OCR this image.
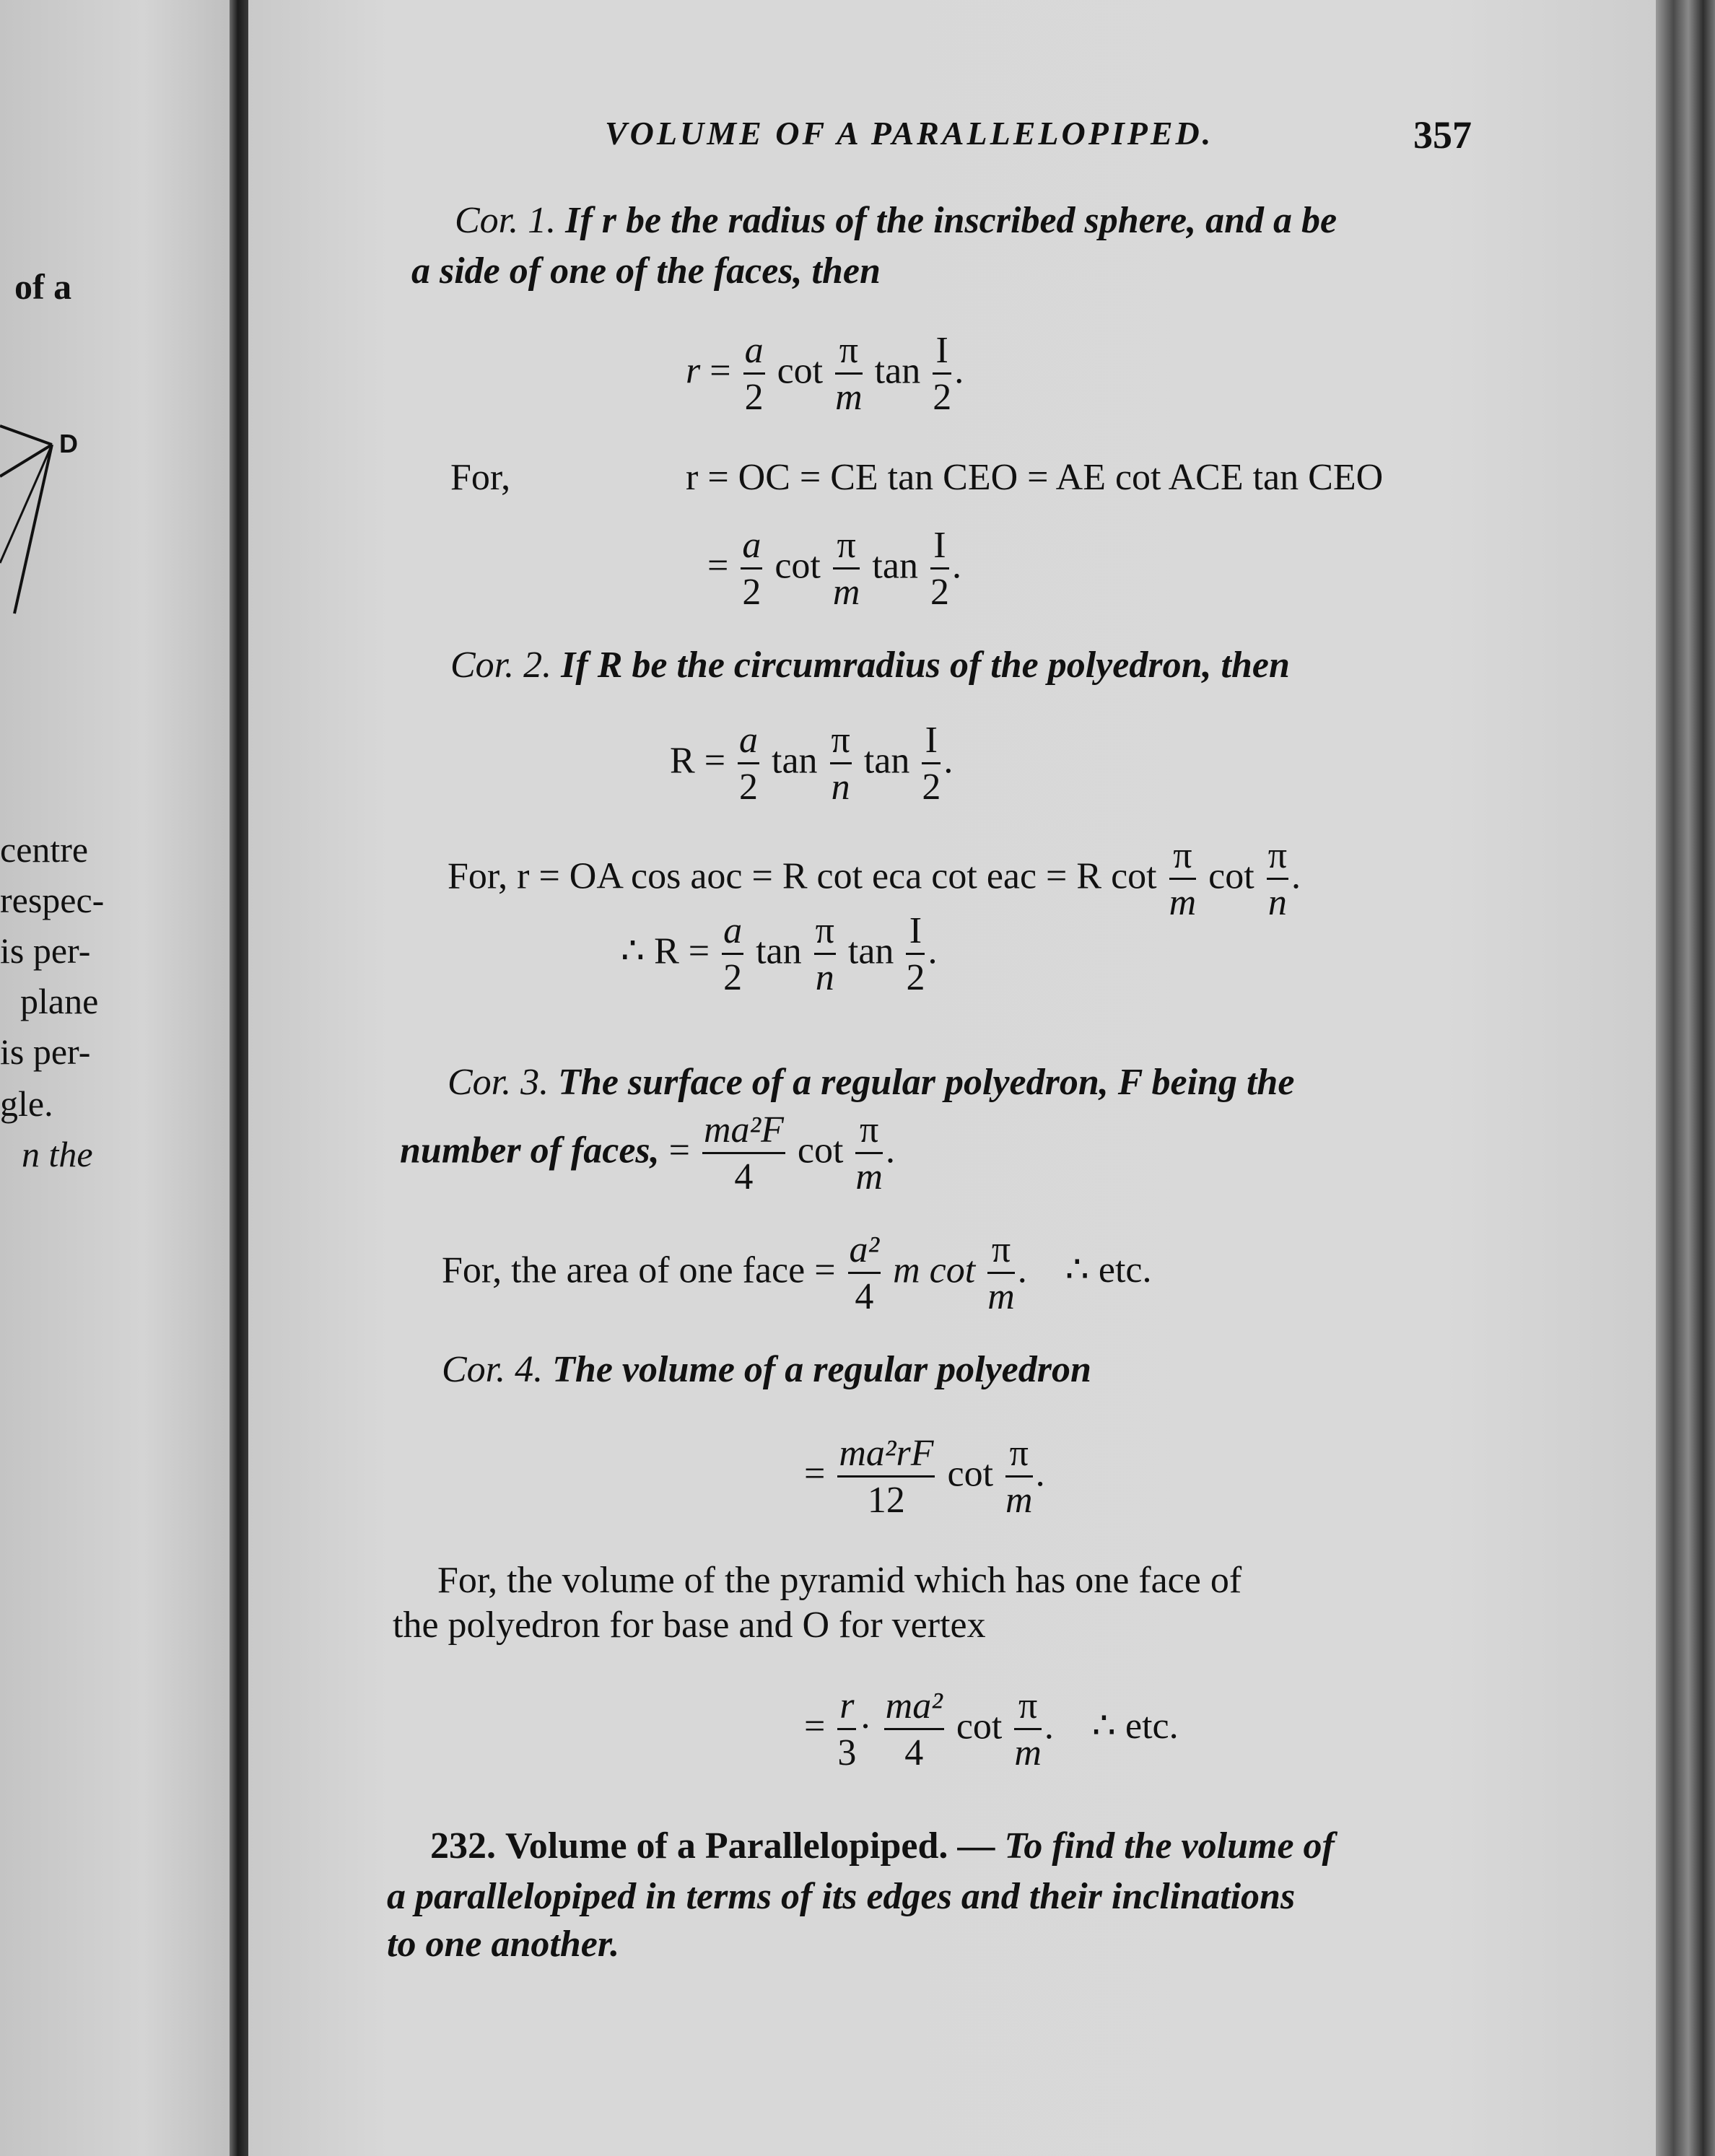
of a
D
centre
respec-
is per-
plane
is per-
gle.
n the
VOLUME OF A PARALLELOPIPED.	357
Cor. 1. If r be the radius of the inscribed sphere, and a be
a side of one of the faces, then
$r = \frac{a}{2}$ $\cot \frac{\pi}{m}$ $\tan \frac{I}{2}$ .
For,	r = OC = CE tan CEO = AE cot ACE tan CEO
= $\frac{a}{2}$ $\cot \frac{\pi}{m}$ $\tan \frac{I}{2}$ .
Cor. 2. If R be the circumradius of the polyedron, then
$R = \frac{a}{2}$ $\tan \frac{\pi}{n}$ $\tan \frac{I}{2}$ .
For, r = OA cos aoc = R cot eca cot eac = R $\cot \frac{\pi}{m}$ $\cot \frac{\pi}{n}$ .
∴ $R = \frac{a}{2}$ $\tan \frac{\pi}{n}$ $\tan \frac{I}{2}$ .
Cor. 3. The surface of a regular polyedron, F being the
number of faces, = $\frac{\text{ma²F}}{4}$ $\cot \frac{\pi}{m}$ .
For, the area of one face = $\frac{\text{a²}}{4}$ m $\cot \frac{\pi}{m}$ . ∴ etc.
Cor. 4. The volume of a regular polyedron
= $\frac{\text{ma²rF}}{12}$ $\cot \frac{\pi}{m}$ .
For, the volume of the pyramid which has one face of
the polyedron for base and O for vertex
= $\frac{r}{3} \cdot \frac{\text{ma²}}{4}$ $\cot \frac{\pi}{m}$ . ∴ etc.
232. Volume of a Parallelopiped. — To find the volume of
a parallelopiped in terms of its edges and their inclinations
to one another.
